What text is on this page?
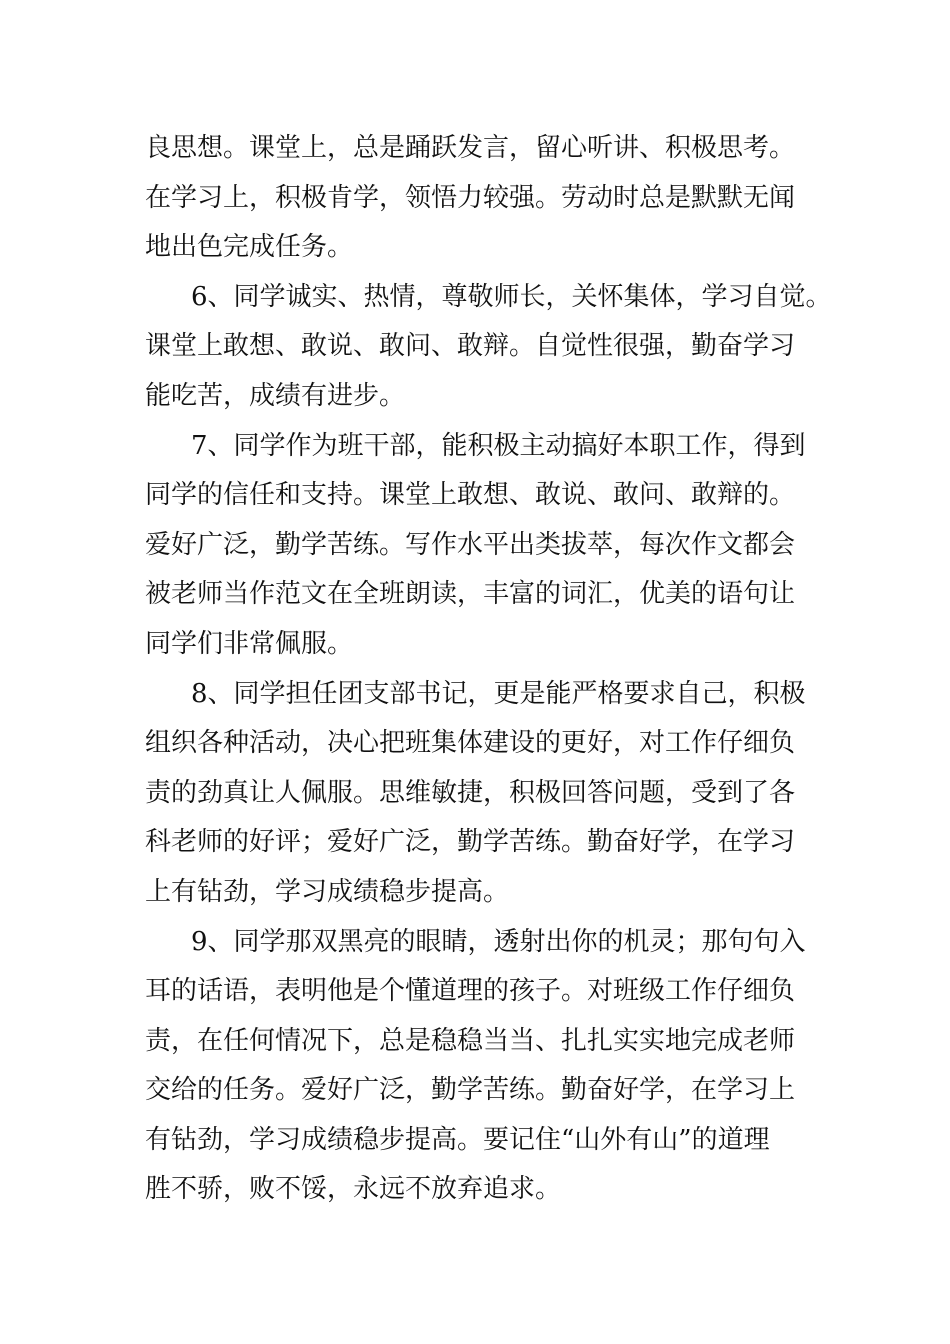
良思想。课堂上，总是踊跃发言，留心听讲、积极思考。
在学习上，积极肯学，领悟力较强。劳动时总是默默无闻
地出色完成任务。
6、同学诚实、热情，尊敬师长，关怀集体，学习自觉。
课堂上敢想、敢说、敢问、敢辩。自觉性很强，勤奋学习
能吃苦，成绩有进步。
7、同学作为班干部，能积极主动搞好本职工作，得到
同学的信任和支持。课堂上敢想、敢说、敢问、敢辩的。
爱好广泛，勤学苦练。写作水平出类拔萃，每次作文都会
被老师当作范文在全班朗读，丰富的词汇，优美的语句让
同学们非常佩服。
8、同学担任团支部书记，更是能严格要求自己，积极
组织各种活动，决心把班集体建设的更好，对工作仔细负
责的劲真让人佩服。思维敏捷，积极回答问题，受到了各
科老师的好评；爱好广泛，勤学苦练。勤奋好学，在学习
上有钻劲，学习成绩稳步提高。
9、同学那双黑亮的眼睛，透射出你的机灵；那句句入
耳的话语，表明他是个懂道理的孩子。对班级工作仔细负
责，在任何情况下，总是稳稳当当、扎扎实实地完成老师
交给的任务。爱好广泛，勤学苦练。勤奋好学，在学习上
有钻劲，学习成绩稳步提高。要记住“山外有山”的道理
胜不骄，败不馁，永远不放弃追求。
